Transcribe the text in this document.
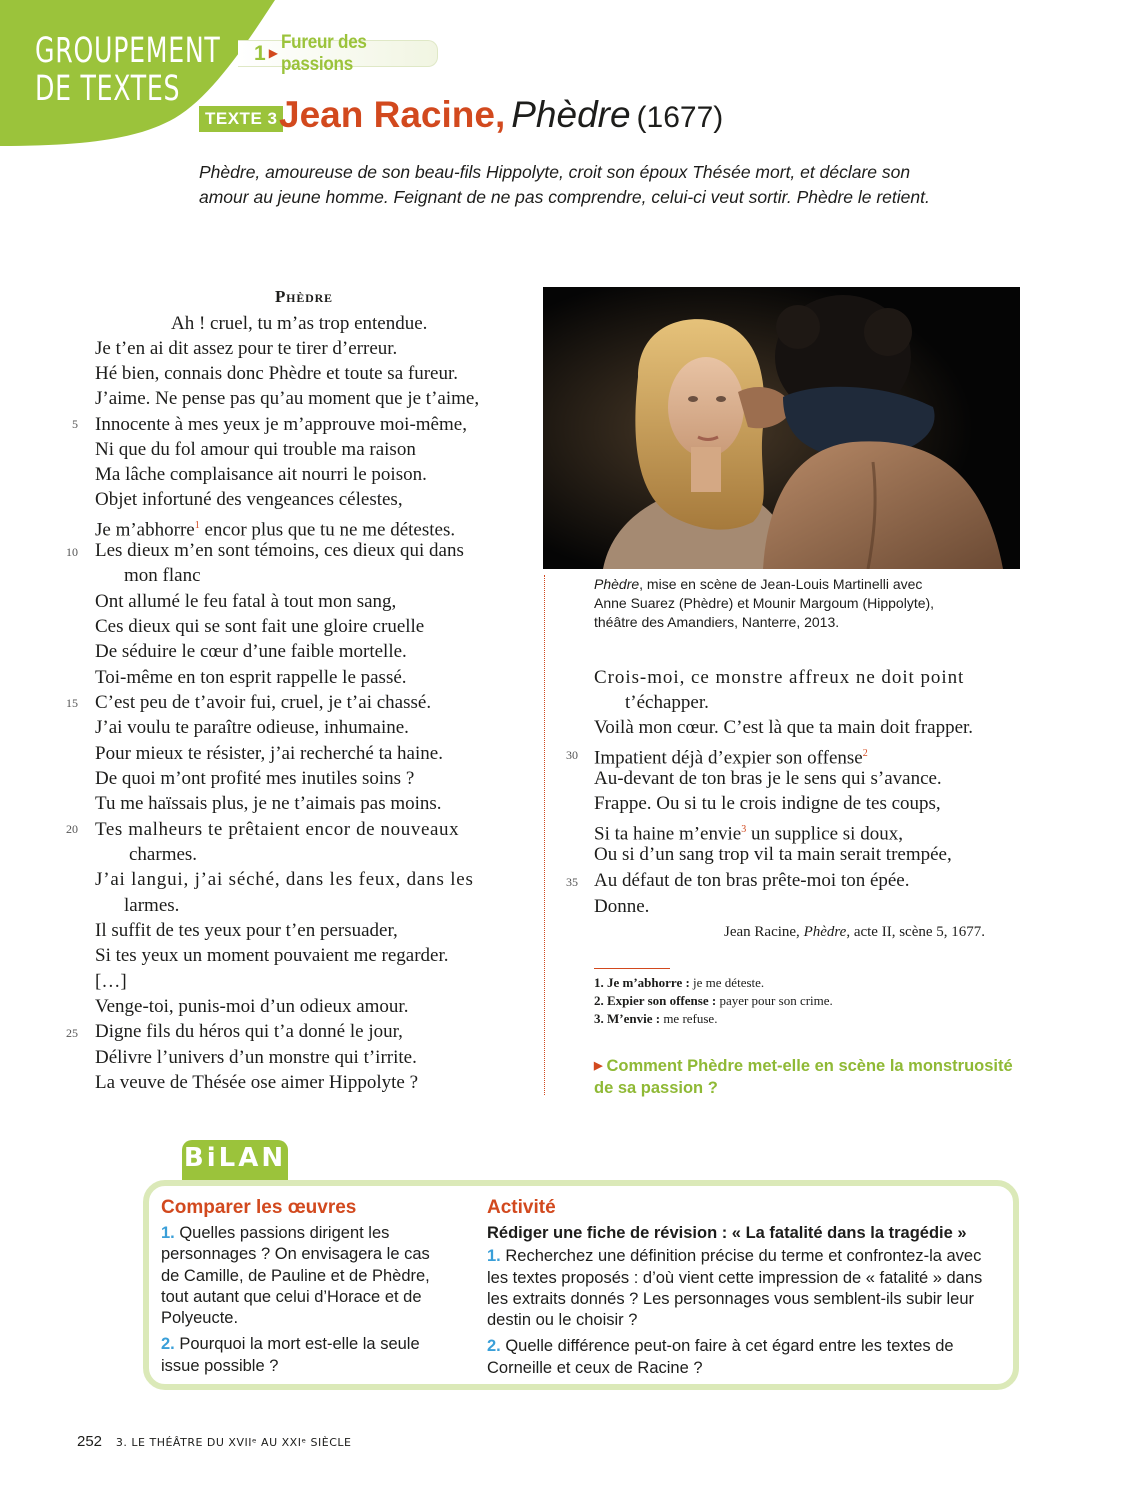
GROUPEMENT
DE TEXTES
1 ▶
Fureur des passions
TEXTE 3 Jean Racine, Phèdre (1677)
Phèdre, amoureuse de son beau-fils Hippolyte, croit son époux Thésée mort, et déclare son amour au jeune homme. Feignant de ne pas comprendre, celui-ci veut sortir. Phèdre le retient.
Phèdre
Ah ! cruel, tu m’as trop entendue.
Je t’en ai dit assez pour te tirer d’erreur.
Hé bien, connais donc Phèdre et toute sa fureur.
J’aime. Ne pense pas qu’au moment que je t’aime,
5 Innocente à mes yeux je m’approuve moi-même,
Ni que du fol amour qui trouble ma raison
Ma lâche complaisance ait nourri le poison.
Objet infortuné des vengeances célestes,
Je m’abhorre$^1$ encor plus que tu ne me détestes.
10 Les dieux m’en sont témoins, ces dieux qui dans
mon flanc
Ont allumé le feu fatal à tout mon sang,
Ces dieux qui se sont fait une gloire cruelle
De séduire le cœur d’une faible mortelle.
Toi-même en ton esprit rappelle le passé.
15 C’est peu de t’avoir fui, cruel, je t’ai chassé.
J’ai voulu te paraître odieuse, inhumaine.
Pour mieux te résister, j’ai recherché ta haine.
De quoi m’ont profité mes inutiles soins ?
Tu me haïssais plus, je ne t’aimais pas moins.
20 Tes malheurs te prêtaient encor de nouveaux
charmes.
J’ai langui, j’ai séché, dans les feux, dans les
larmes.
Il suffit de tes yeux pour t’en persuader,
Si tes yeux un moment pouvaient me regarder.
[…]
Venge-toi, punis-moi d’un odieux amour.
25 Digne fils du héros qui t’a donné le jour,
Délivre l’univers d’un monstre qui t’irrite.
La veuve de Thésée ose aimer Hippolyte ?
Phèdre, mise en scène de Jean-Louis Martinelli avec
Anne Suarez (Phèdre) et Mounir Margoum (Hippolyte),
théâtre des Amandiers, Nanterre, 2013.
Crois-moi, ce monstre affreux ne doit point
t’échapper.
Voilà mon cœur. C’est là que ta main doit frapper.
30 Impatient déjà d’expier son offense$^2$
Au-devant de ton bras je le sens qui s’avance.
Frappe. Ou si tu le crois indigne de tes coups,
Si ta haine m’envie$^3$ un supplice si doux,
Ou si d’un sang trop vil ta main serait trempée,
35 Au défaut de ton bras prête-moi ton épée.
Donne.
Jean Racine, Phèdre, acte II, scène 5, 1677.
1. Je m’abhorre : je me déteste.
2. Expier son offense : payer pour son crime.
3. M’envie : me refuse.
▶ Comment Phèdre met-elle en scène la monstruosité de sa passion ?
BiLAN
Comparer les œuvres

1. Quelles passions dirigent les personnages ? On envisagera le cas de Camille, de Pauline et de Phèdre, tout autant que celui d’Horace et de Polyeucte.

2. Pourquoi la mort est-elle la seule issue possible ?

Activité
Rédiger une fiche de révision : « La fatalité dans la tragédie »

1. Recherchez une définition précise du terme et confrontez-la avec les textes proposés : d’où vient cette impression de « fatalité » dans les extraits donnés ? Les personnages vous semblent-ils subir leur destin ou le choisir ?

2. Quelle différence peut-on faire à cet égard entre les textes de Corneille et ceux de Racine ?

252 3. LE THÉÂTRE DU XVIIᵉ AU XXIᵉ SIÈCLE
